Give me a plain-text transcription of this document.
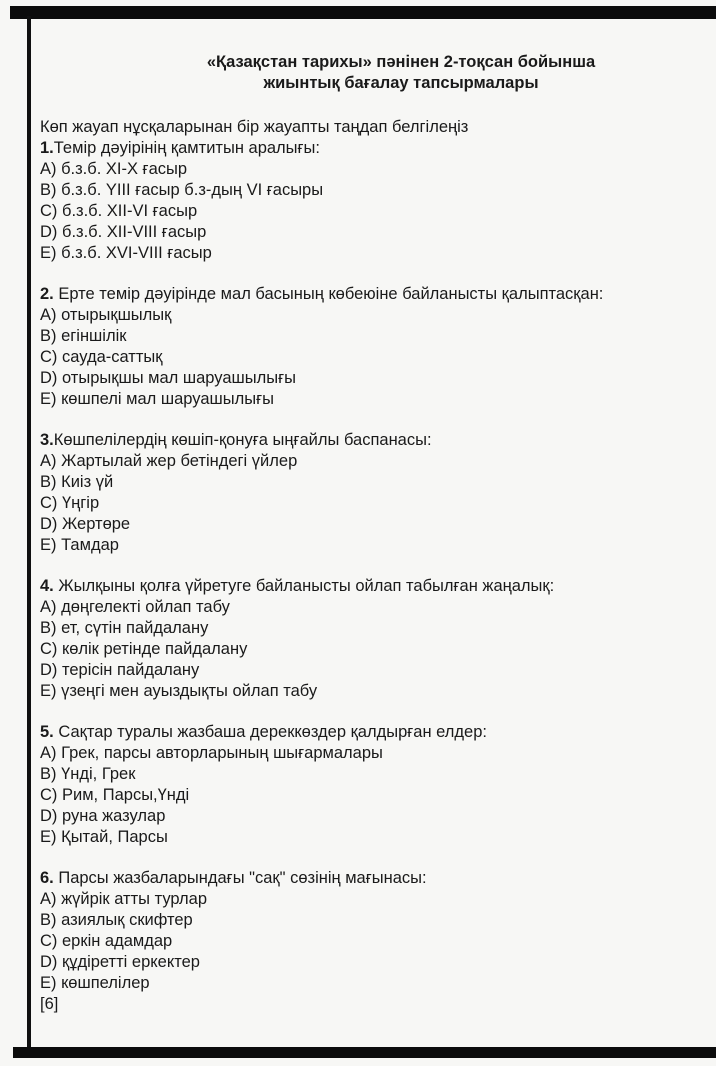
«Қазақстан тарихы» пәнінен 2-тоқсан бойынша
жиынтық бағалау тапсырмалары

Көп жауап нұсқаларынан бір жауапты таңдап белгілеңіз

1.Темір дәуірінің қамтитын аралығы:

A) б.з.б. XI-X ғасыр

B) б.з.б. YIII ғасыр б.з-дың VI ғасыры

C) б.з.б. XII-VI ғасыр

D) б.з.б. XII-VIII ғасыр

E) б.з.б. XVI-VIII ғасыр

2. Ерте темір дәуірінде мал басының көбеюіне байланысты қалыптасқан:

A) отырықшылық

B) егіншілік

C) сауда-саттық

D) отырықшы мал шаруашылығы

E) көшпелі мал шаруашылығы

3.Көшпелілердің көшіп-қонуға ыңғайлы баспанасы:

A) Жартылай жер бетіндегі үйлер

B) Киіз үй

C) Үңгір

D) Жертөре

E) Тамдар

4. Жылқыны қолға үйретуге байланысты ойлап табылған жаңалық:

A) дөңгелекті ойлап табу

B) ет, сүтін пайдалану

C) көлік ретінде пайдалану

D) терісін пайдалану

E) үзеңгі мен ауыздықты ойлап табу

5. Сақтар туралы жазбаша дереккөздер қалдырған елдер:

A) Грек, парсы авторларының шығармалары

B) Үнді, Грек

C) Рим, Парсы,Үнді

D) руна жазулар

E) Қытай, Парсы

6. Парсы жазбаларындағы "сақ" сөзінің мағынасы:

A) жүйрік атты турлар

B) азиялық скифтер

C) еркін адамдар

D) құдіретті еркектер

E) көшпелілер

[6]
